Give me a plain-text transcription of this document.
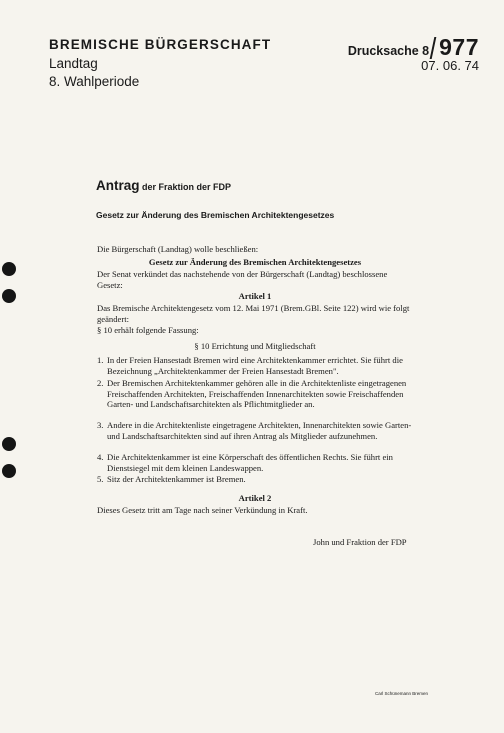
BREMISCHE BÜRGERSCHAFT
Landtag
8. Wahlperiode
Drucksache 8 977
07. 06. 74
Antrag der Fraktion der FDP
Gesetz zur Änderung des Bremischen Architektengesetzes
Die Bürgerschaft (Landtag) wolle beschließen:
Gesetz zur Änderung des Bremischen Architektengesetzes
Der Senat verkündet das nachstehende von der Bürgerschaft (Landtag) beschlossene Gesetz:
Artikel 1
Das Bremische Architektengesetz vom 12. Mai 1971 (Brem.GBl. Seite 122) wird wie folgt geändert:
§ 10 erhält folgende Fassung:
§ 10 Errichtung und Mitgliedschaft
1. In der Freien Hansestadt Bremen wird eine Architektenkammer errichtet. Sie führt die Bezeichnung „Architektenkammer der Freien Hansestadt Bremen".
2. Der Bremischen Architektenkammer gehören alle in die Architektenliste eingetragenen Freischaffenden Architekten, Freischaffenden Innenarchitekten sowie Freischaffenden Garten- und Landschaftsarchitekten als Pflichtmitglieder an.
3. Andere in die Architektenliste eingetragene Architekten, Innenarchitekten sowie Garten- und Landschaftsarchitekten sind auf ihren Antrag als Mitglieder aufzunehmen.
4. Die Architektenkammer ist eine Körperschaft des öffentlichen Rechts. Sie führt ein Dienstsiegel mit dem kleinen Landeswappen.
5. Sitz der Architektenkammer ist Bremen.
Artikel 2
Dieses Gesetz tritt am Tage nach seiner Verkündung in Kraft.
John und Fraktion der FDP
Carl Schünemann Bremen
